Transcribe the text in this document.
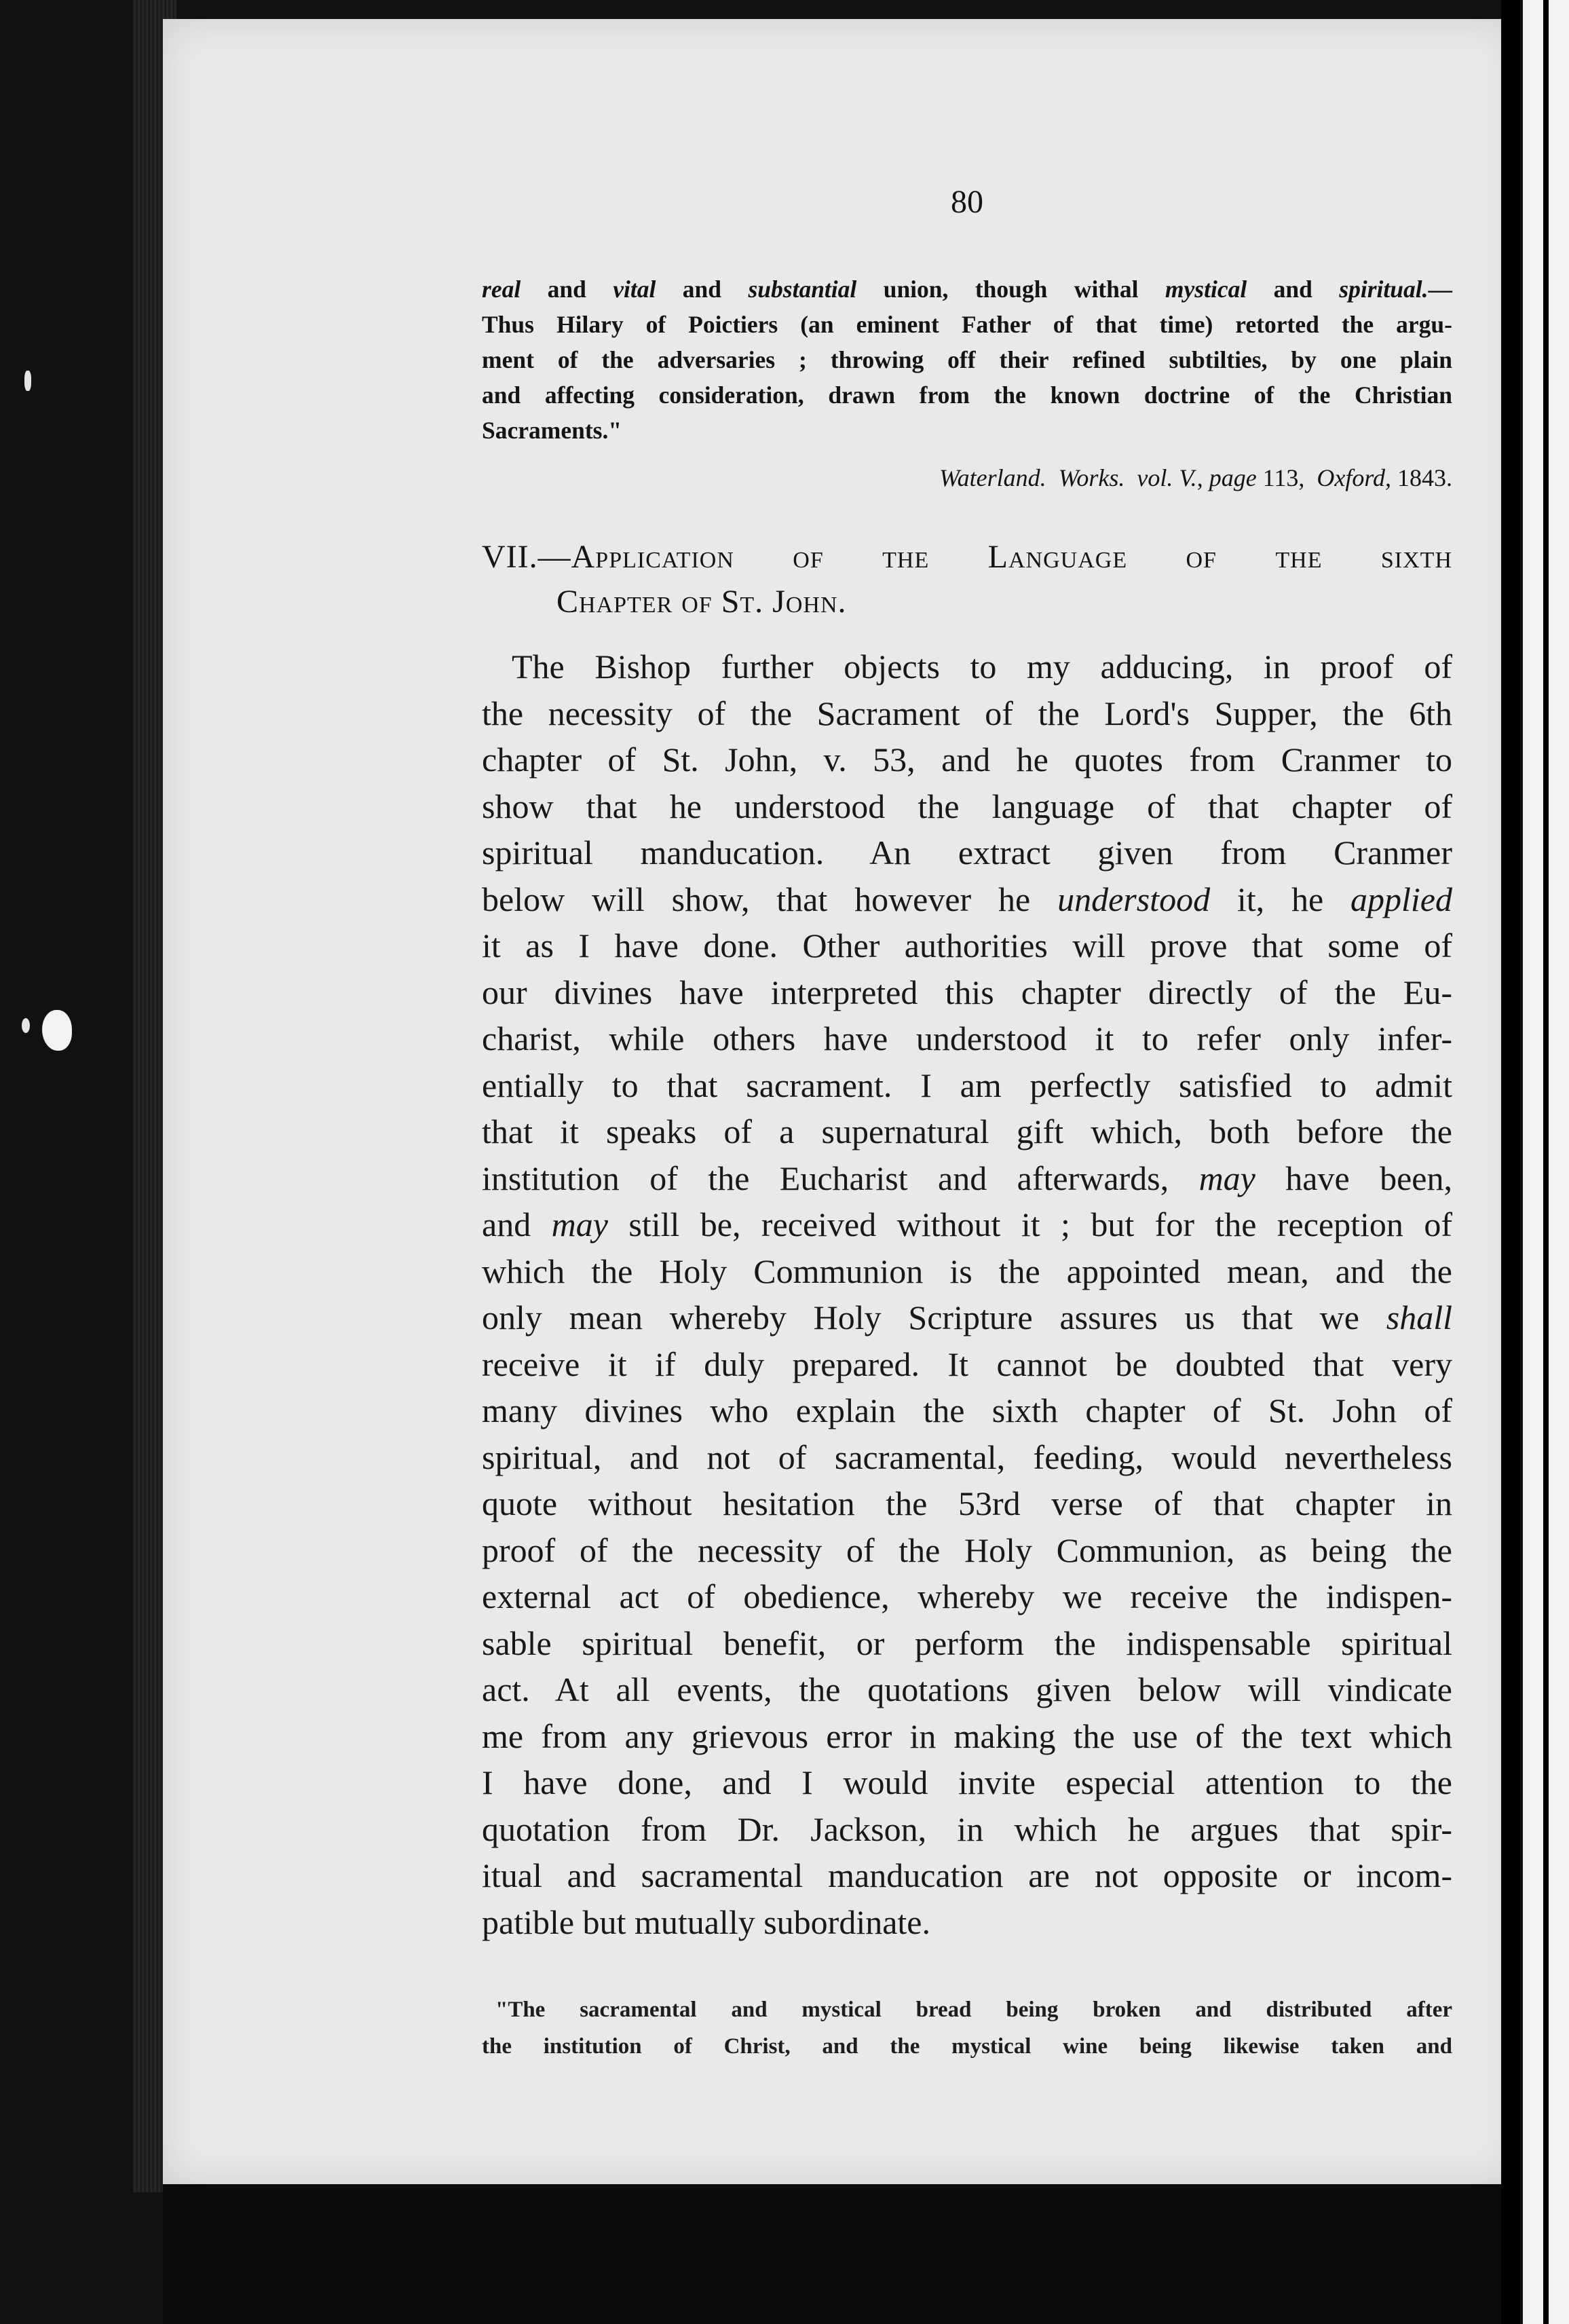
80
real and vital and substantial union, though withal mystical and spiritual.—
Thus Hilary of Poictiers (an eminent Father of that time) retorted the argu-
ment of the adversaries ; throwing off their refined subtilties, by one plain
and affecting consideration, drawn from the known doctrine of the Christian
Sacraments."
Waterland. Works. vol. V., page 113,  Oxford, 1843.
VII.—Application of the Language of the sixth
Chapter of St. John.
The Bishop further objects to my adducing, in proof of
the necessity of the Sacrament of the Lord's Supper, the 6th
chapter of St. John, v. 53, and he quotes from Cranmer to
show that he understood the language of that chapter of
spiritual manducation. An extract given from Cranmer
below will show, that however he understood it, he applied
it as I have done. Other authorities will prove that some of
our divines have interpreted this chapter directly of the Eu-
charist, while others have understood it to refer only infer-
entially to that sacrament. I am perfectly satisfied to admit
that it speaks of a supernatural gift which, both before the
institution of the Eucharist and afterwards, may have been,
and may still be, received without it ; but for the reception of
which the Holy Communion is the appointed mean, and the
only mean whereby Holy Scripture assures us that we shall
receive it if duly prepared. It cannot be doubted that very
many divines who explain the sixth chapter of St. John of
spiritual, and not of sacramental, feeding, would nevertheless
quote without hesitation the 53rd verse of that chapter in
proof of the necessity of the Holy Communion, as being the
external act of obedience, whereby we receive the indispen-
sable spiritual benefit, or perform the indispensable spiritual
act. At all events, the quotations given below will vindicate
me from any grievous error in making the use of the text which
I have done, and I would invite especial attention to the
quotation from Dr. Jackson, in which he argues that spir-
itual and sacramental manducation are not opposite or incom-
patible but mutually subordinate.
"The sacramental and mystical bread being broken and distributed after
the institution of Christ, and the mystical wine being likewise taken and
